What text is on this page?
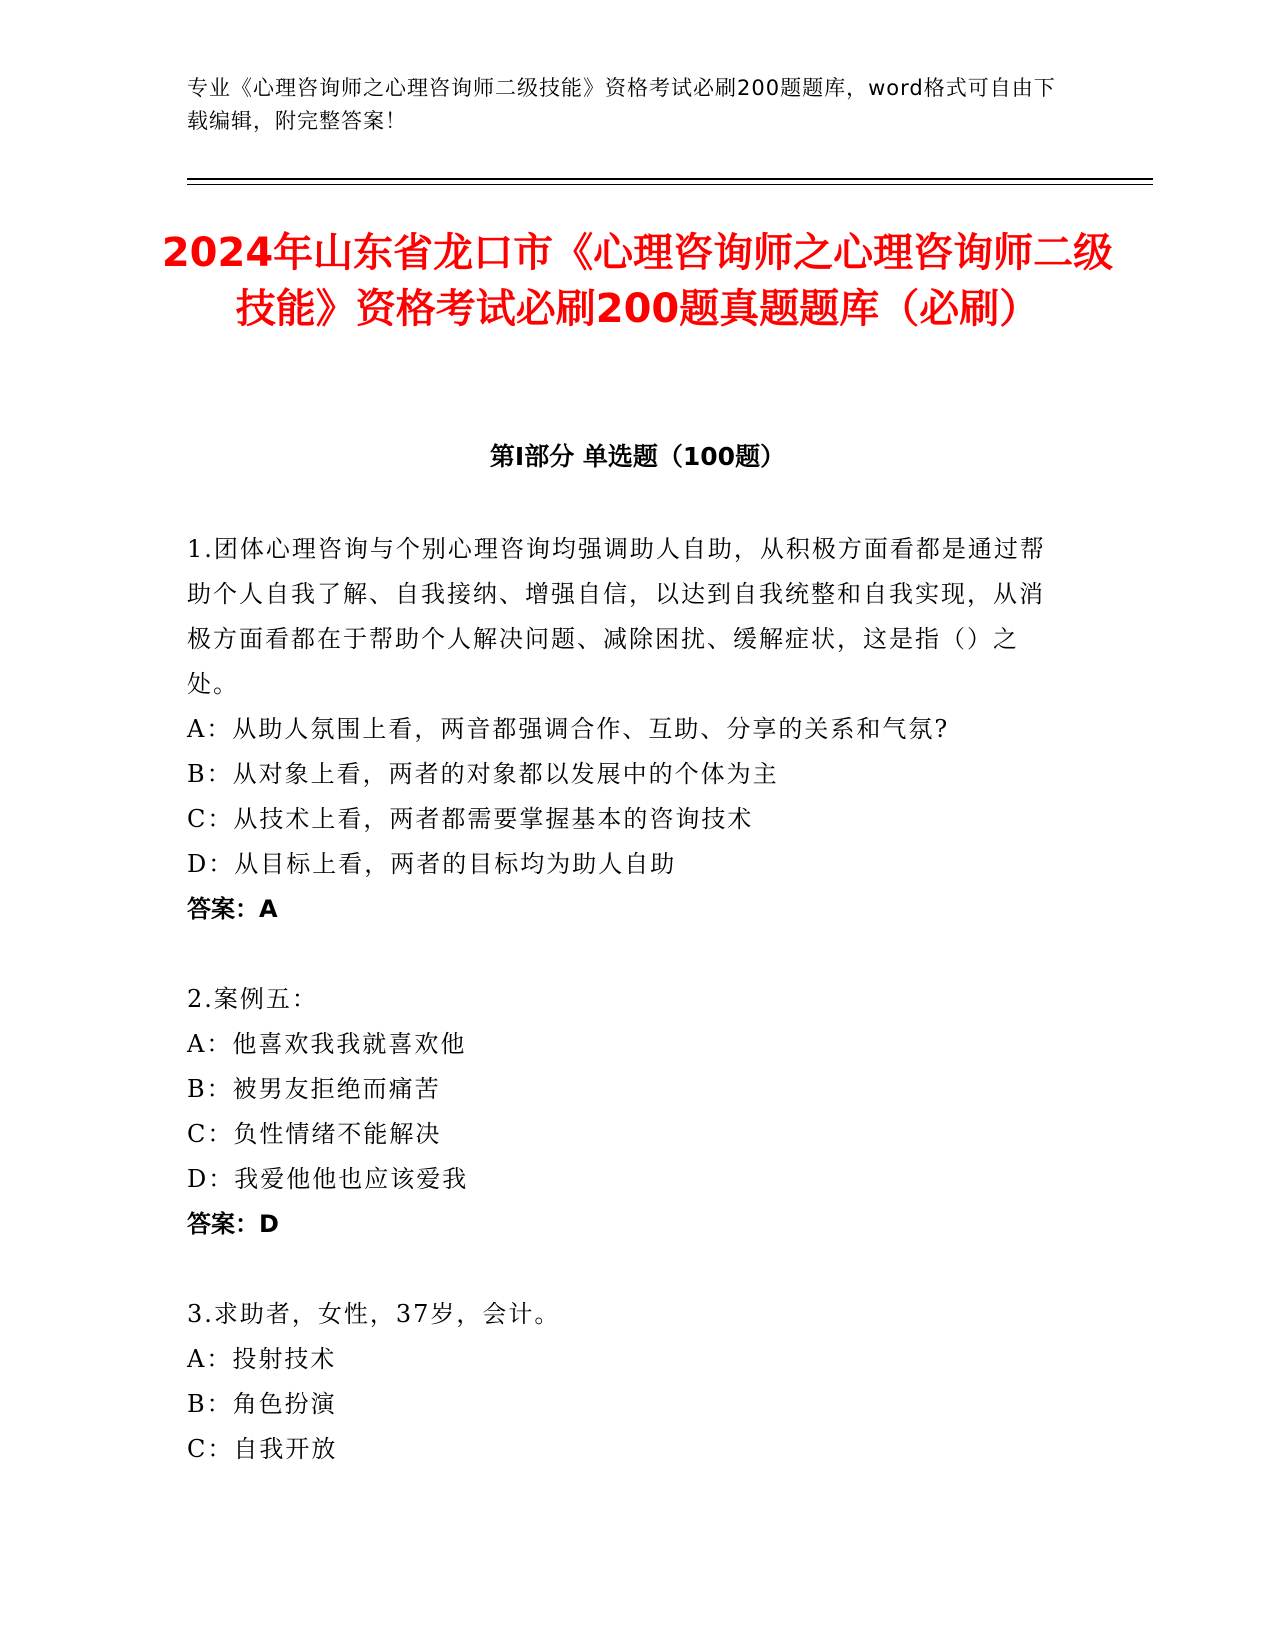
专业《心理咨询师之心理咨询师二级技能》资格考试必刷200题题库，word格式可自由下载编辑，附完整答案！
2024年山东省龙口市《心理咨询师之心理咨询师二级技能》资格考试必刷200题真题题库（必刷）
第Ⅰ部分 单选题（100题）

1.团体心理咨询与个别心理咨询均强调助人自助，从积极方面看都是通过帮助个人自我了解、自我接纳、增强自信，以达到自我统整和自我实现，从消极方面看都在于帮助个人解决问题、减除困扰、缓解症状，这是指（）之处。

A：从助人氛围上看，两音都强调合作、互助、分享的关系和气氛?

B：从对象上看，两者的对象都以发展中的个体为主

C：从技术上看，两者都需要掌握基本的咨询技术

D：从目标上看，两者的目标均为助人自助

答案：A

2.案例五：

A：他喜欢我我就喜欢他

B：被男友拒绝而痛苦

C：负性情绪不能解决

D：我爱他他也应该爱我

答案：D

3.求助者，女性，37岁，会计。

A：投射技术

B：角色扮演

C：自我开放
